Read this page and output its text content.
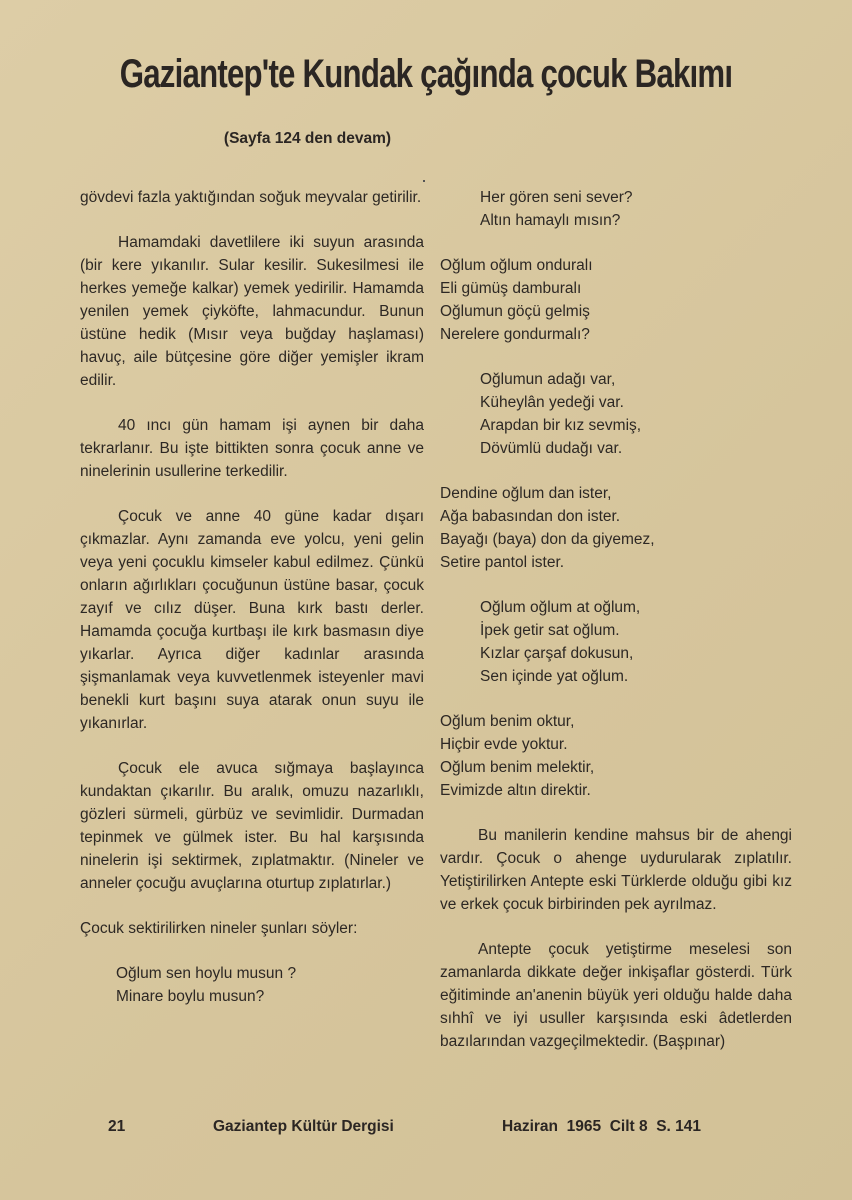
Gaziantep'te Kundak çağında çocuk Bakımı
(Sayfa 124 den devam)

gövdevi fazla yaktığından soğuk meyvalar getirilir.

Hamamdaki davetlilere iki suyun arasında (bir kere yıkanılır. Sular kesilir. Sukesilmesi ile herkes yemeğe kalkar) yemek yedirilir. Hamamda yenilen yemek çiyköfte, lahmacundur. Bunun üstüne hedik (Mısır veya buğday haşlaması) havuç, aile bütçesine göre diğer yemişler ikram edilir.

40 ıncı gün hamam işi aynen bir daha tekrarlanır. Bu işte bittikten sonra çocuk anne ve ninelerinin usullerine terkedilir.

Çocuk ve anne 40 güne kadar dışarı çıkmazlar. Aynı zamanda eve yolcu, yeni gelin veya yeni çocuklu kimseler kabul edilmez. Çünkü onların ağırlıkları çocuğunun üstüne basar, çocuk zayıf ve cılız düşer. Buna kırk bastı derler. Hamamda çocuğa kurtbaşı ile kırk basmasın diye yıkarlar. Ayrıca diğer kadınlar arasında şişmanlamak veya kuvvetlenmek isteyenler mavi benekli kurt başını suya atarak onun suyu ile yıkanırlar.

Çocuk ele avuca sığmaya başlayınca kundaktan çıkarılır. Bu aralık, omuzu nazarlıklı, gözleri sürmeli, gürbüz ve sevimlidir. Durmadan tepinmek ve gülmek ister. Bu hal karşısında ninelerin işi sektirmek, zıplatmaktır. (Nineler ve anneler çocuğu avuçlarına oturtup zıplatırlar.)

Çocuk sektirilirken nineler şunları söyler:

Oğlum sen hoylu musun ?
Minare boylu musun?
Her gören seni sever?
Altın hamaylı mısın?
Oğlum oğlum onduralı
Eli gümüş damburalı
Oğlumun göçü gelmiş
Nerelere gondurmalı?
Oğlumun adağı var,
Küheylân yedeği var.
Arapdan bir kız sevmiş,
Dövümlü dudağı var.
Dendine oğlum dan ister,
Ağa babasından don ister.
Bayağı (baya) don da giyemez,
Setire pantol ister.
Oğlum oğlum at oğlum,
İpek getir sat oğlum.
Kızlar çarşaf dokusun,
Sen içinde yat oğlum.
Oğlum benim oktur,
Hiçbir evde yoktur.
Oğlum benim melektir,
Evimizde altın direktir.

Bu manilerin kendine mahsus bir de ahengi vardır. Çocuk o ahenge uydurularak zıplatılır. Yetiştirilirken Antepte eski Türklerde olduğu gibi kız ve erkek çocuk birbirinden pek ayrılmaz.

Antepte çocuk yetiştirme meselesi son zamanlarda dikkate değer inkişaflar gösterdi. Türk eğitiminde an'anenin büyük yeri olduğu halde daha sıhhî ve iyi usuller karşısında eski âdetlerden bazılarından vazgeçilmektedir. (Başpınar)

21	Gaziantep Kültür Dergisi	Haziran  1965  Cilt 8  S. 141
